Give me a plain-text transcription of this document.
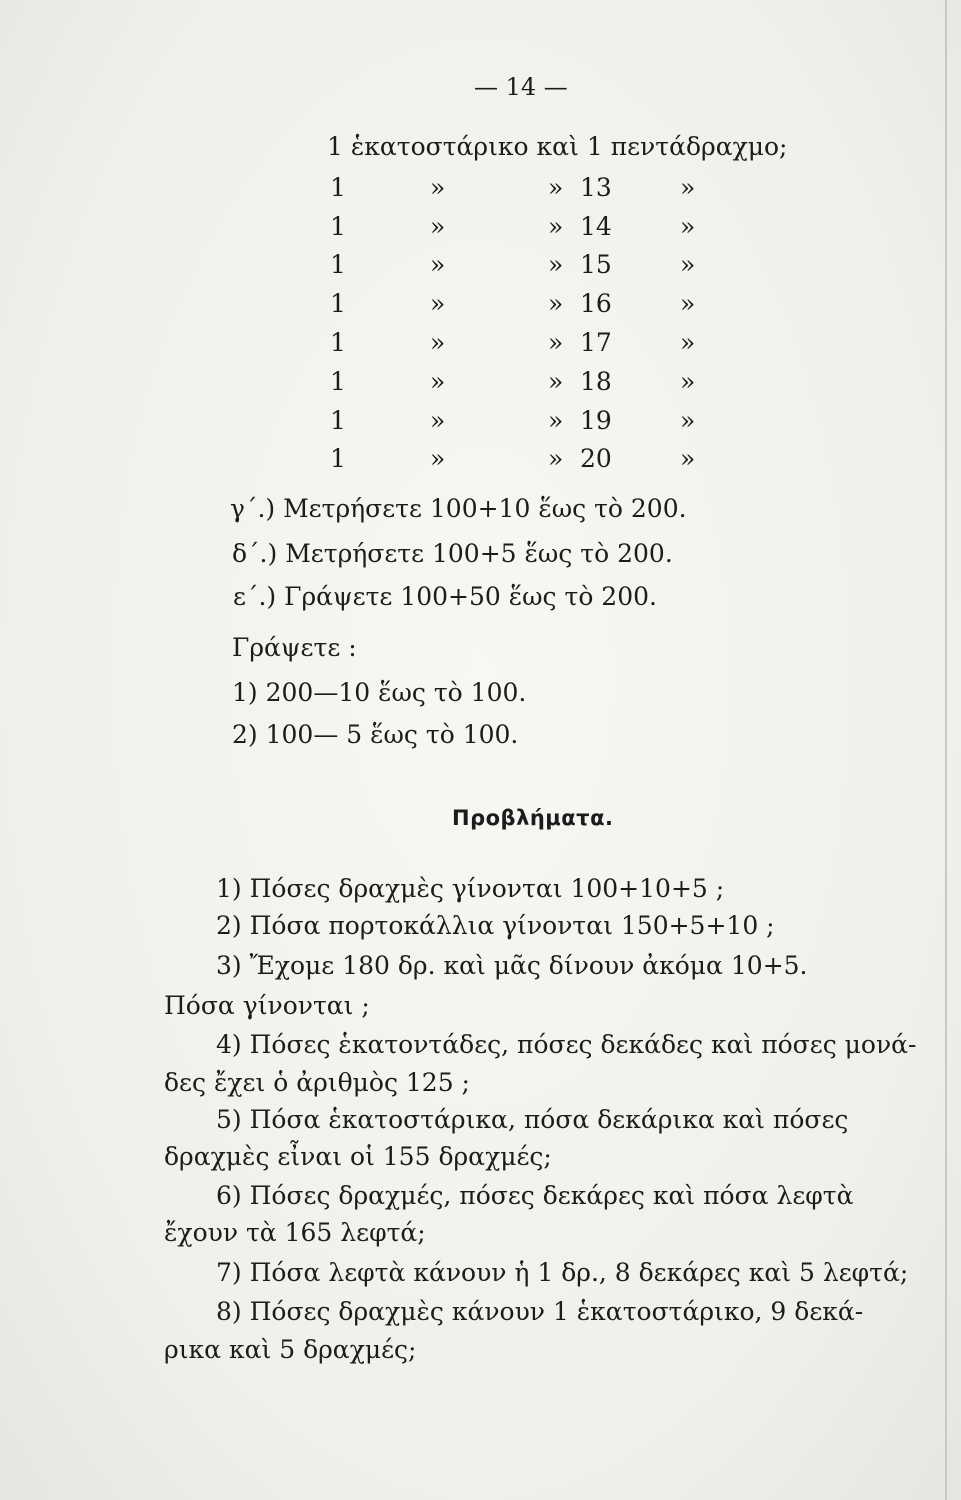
— 14 —
1 ἑκατοστάρικο καὶ 1 πεντάδραχμο;
1	»	» 13	»
1	»	» 14	»
1	»	» 15	»
1	»	» 16	»
1	»	» 17	»
1	»	» 18	»
1	»	» 19	»
1	»	» 20	»
γ΄.) Μετρήσετε 100+10 ἕως τὸ 200.
δ΄.) Μετρήσετε 100+5 ἕως τὸ 200.
ε΄.) Γράψετε 100+50 ἕως τὸ 200.
Γράψετε :
1) 200—10 ἕως τὸ 100.
2) 100— 5 ἕως τὸ 100.
Προβλήματα.
1) Πόσες δραχμὲς γίνονται 100+10+5 ;
2) Πόσα πορτοκάλλια γίνονται 150+5+10 ;
3) Ἔχομε 180 δρ. καὶ μᾶς δίνουν ἀκόμα 10+5.
Πόσα γίνονται ;
4) Πόσες ἑκατοντάδες, πόσες δεκάδες καὶ πόσες μονά-
δες ἔχει ὁ ἀριθμὸς 125 ;
5) Πόσα ἑκατοστάρικα, πόσα δεκάρικα καὶ πόσες
δραχμὲς εἶναι οἱ 155 δραχμές;
6) Πόσες δραχμές, πόσες δεκάρες καὶ πόσα λεφτὰ
ἔχουν τὰ 165 λεφτά;
7) Πόσα λεφτὰ κάνουν ἡ 1 δρ., 8 δεκάρες καὶ 5 λεφτά;
8) Πόσες δραχμὲς κάνουν 1 ἑκατοστάρικο, 9 δεκά-
ρικα καὶ 5 δραχμές;
